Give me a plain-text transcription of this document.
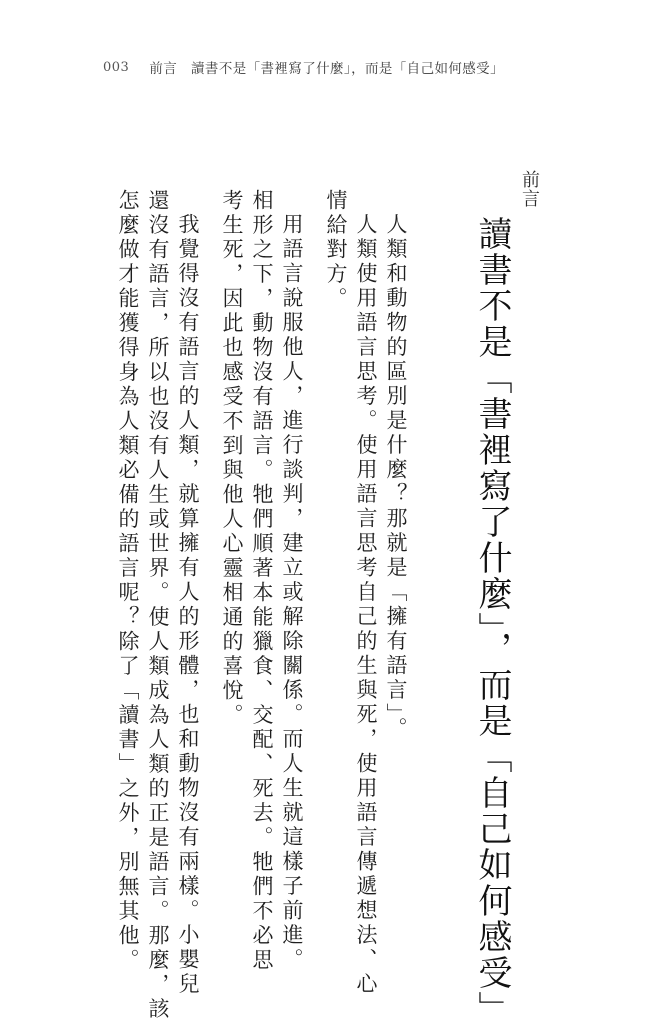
003 前言　讀書不是「書裡寫了什麼」，而是「自己如何感受」
前言
讀書不是「書裡寫了什麼」，而是「自己如何感受」
人類和動物的區別是什麼？那就是「擁有語言」。
人類使用語言思考。使用語言思考自己的生與死，使用語言傳遞想法、心
情給對方。
用語言說服他人，進行談判，建立或解除關係。而人生就這樣子前進。
相形之下，動物沒有語言。牠們順著本能獵食、交配、死去。牠們不必思
考生死，因此也感受不到與他人心靈相通的喜悅。
我覺得沒有語言的人類，就算擁有人的形體，也和動物沒有兩樣。小嬰兒
還沒有語言，所以也沒有人生或世界。使人類成為人類的正是語言。那麼，該
怎麼做才能獲得身為人類必備的語言呢？除了「讀書」之外，別無其他。
